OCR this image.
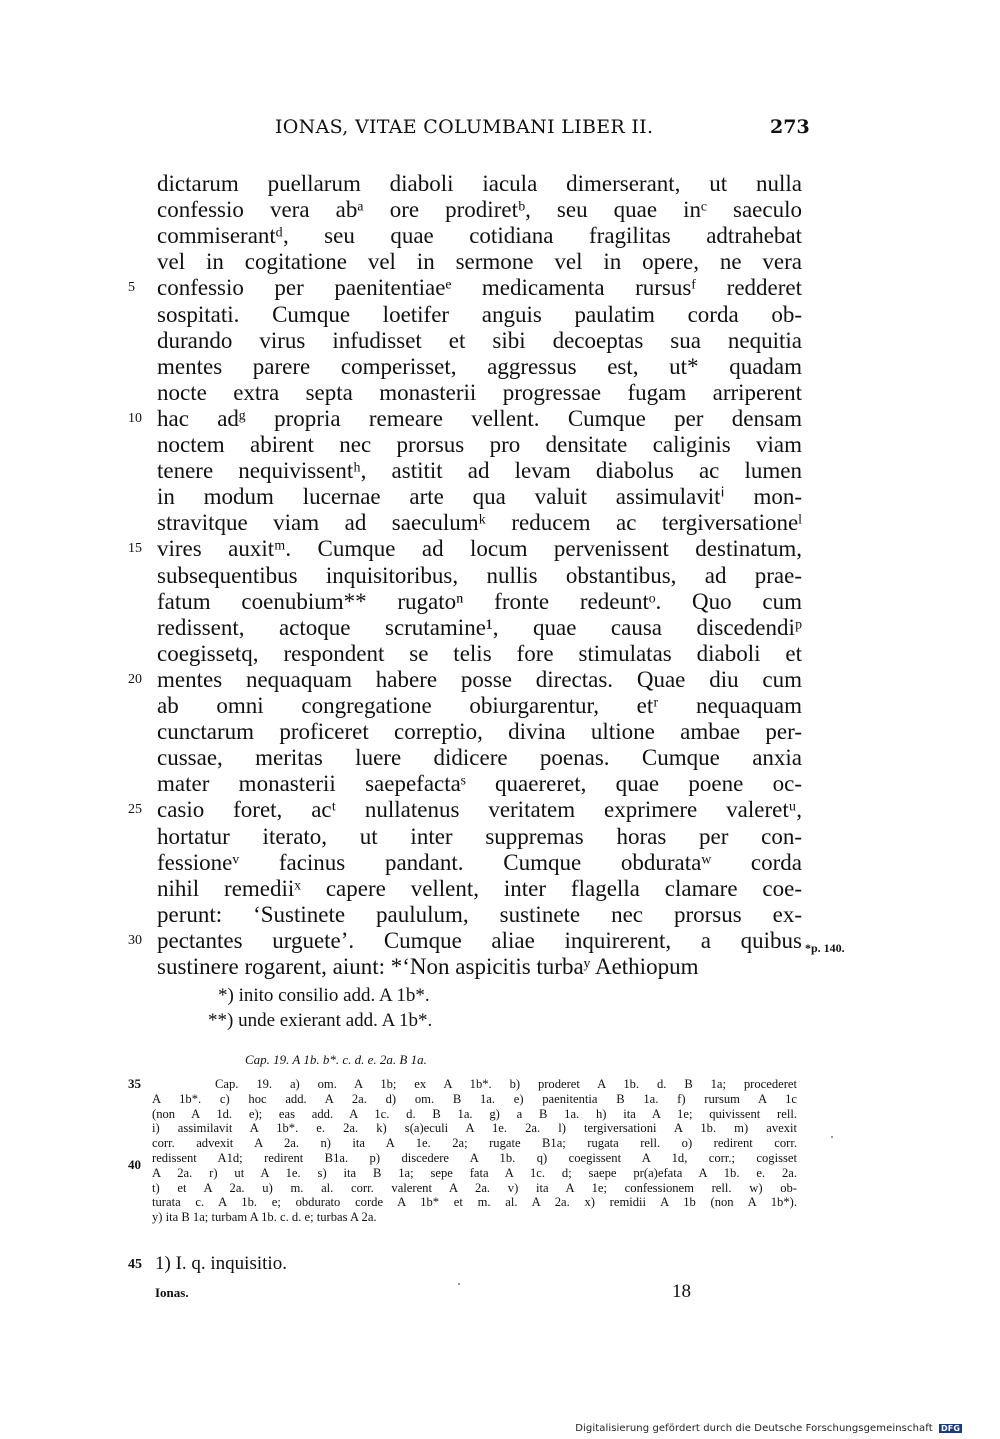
IONAS, VITAE COLUMBANI LIBER II.	273
dictarum puellarum diaboli iacula dimerserant, ut nulla
confessio vera abᵃ ore prodiretᵇ, seu quae inᶜ saeculo
commiserantᵈ, seu quae cotidiana fragilitas adtrahebat
vel in cogitatione vel in sermone vel in opere, ne vera
confessio per paenitentiaeᵉ medicamenta rursusᶠ redderet
sospitati. Cumque loetifer anguis paulatim corda ob-
durando virus infudisset et sibi decoeptas sua nequitia
mentes parere comperisset, aggressus est, ut* quadam
nocte extra septa monasterii progressae fugam arriperent
hac adᵍ propria remeare vellent. Cumque per densam
noctem abirent nec prorsus pro densitate caliginis viam
tenere nequivissentʰ, astitit ad levam diabolus ac lumen
in modum lucernae arte qua valuit assimulavitⁱ mon-
stravitque viam ad saeculumᵏ reducem ac tergiversationeˡ
vires auxitᵐ. Cumque ad locum pervenissent destinatum,
subsequentibus inquisitoribus, nullis obstantibus, ad prae-
fatum coenubium** rugatoⁿ fronte redeuntᵒ. Quo cum
redissent, actoque scrutamine¹, quae causa discedendiᵖ
coegissetq, respondent se telis fore stimulatas diaboli et
mentes nequaquam habere posse directas. Quae diu cum
ab omni congregatione obiurgarentur, etʳ nequaquam
cunctarum proficeret correptio, divina ultione ambae per-
cussae, meritas luere didicere poenas. Cumque anxia
mater monasterii saepefactaˢ quaereret, quae poene oc-
casio foret, acᵗ nullatenus veritatem exprimere valeretᵘ,
hortatur iterato, ut inter suppremas horas per con-
fessioneᵛ facinus pandant. Cumque obdurataʷ corda
nihil remediiˣ capere vellent, inter flagella clamare coe-
perunt: ‘Sustinete paululum, sustinete nec prorsus ex-
pectantes urguete’. Cumque aliae inquirerent, a quibus
sustinere rogarent, aiunt: *‘Non aspicitis turbaʸ Aethiopum
5
10
15
20
25
30
*p. 140.
*) inito consilio add. A 1b*.
**) unde exierant add. A 1b*.
Cap. 19. A 1b. b*. c. d. e. 2a. B 1a.
Cap. 19. a) om. A 1b; ex A 1b*. b) proderet A 1b. d. B 1a; procederet
A 1b*. c) hoc add. A 2a. d) om. B 1a. e) paenitentia B 1a. f) rursum A 1c
(non A 1d. e); eas add. A 1c. d. B 1a. g) a B 1a. h) ita A 1e; quivissent rell.
i) assimilavit A 1b*. e. 2a. k) s(a)eculi A 1e. 2a. l) tergiversationi A 1b. m) avexit
corr. advexit A 2a. n) ita A 1e. 2a; rugate B1a; rugata rell. o) redirent corr.
redissent A1d; redirent B1a. p) discedere A 1b. q) coegissent A 1d, corr.; cogisset
A 2a. r) ut A 1e. s) ita B 1a; sepe fata A 1c. d; saepe pr(a)efata A 1b. e. 2a.
t) et A 2a. u) m. al. corr. valerent A 2a. v) ita A 1e; confessionem rell. w) ob-
turata c. A 1b. e; obdurato corde A 1b* et m. al. A 2a. x) remidii A 1b (non A 1b*).
y) ita B 1a; turbam A 1b. c. d. e; turbas A 2a.
35
40
45 1) I. q. inquisitio.
Ionas.	18
Digitalisierung gefördert durch die Deutsche Forschungsgemeinschaft DFG
